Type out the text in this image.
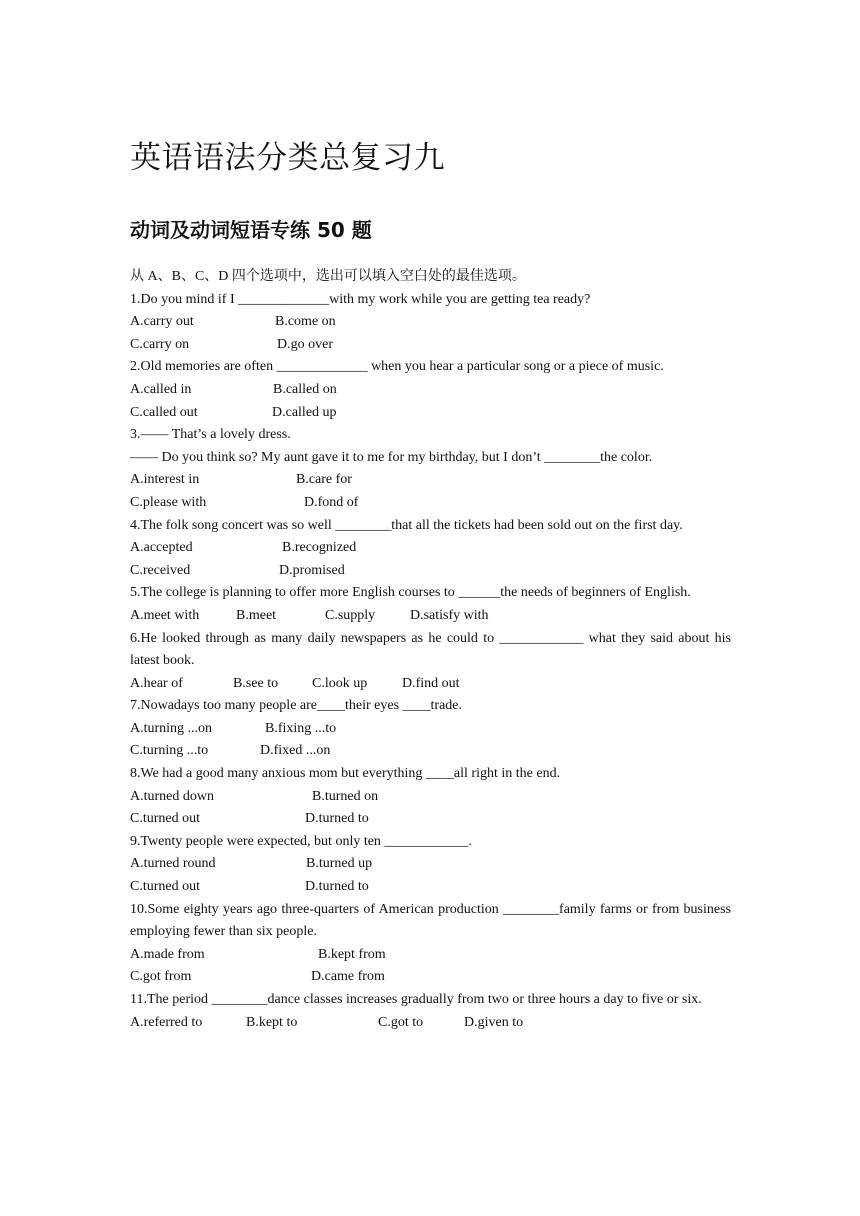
英语语法分类总复习九
动词及动词短语专练 50 题
从 A、B、C、D 四个选项中，选出可以填入空白处的最佳选项。
1.Do you mind if I _____________with my work while you are getting tea ready?
A.carry out	B.come on
C.carry on	D.go over
2.Old memories are often _____________ when you hear a particular song or a piece of music.
A.called in	B.called on
C.called out	D.called up
3.—— That’s a lovely dress.
—— Do you think so? My aunt gave it to me for my birthday, but I don’t ________the color.
A.interest in	B.care for
C.please with	D.fond of
4.The folk song concert was so well ________that all the tickets had been sold out on the first day.
A.accepted	B.recognized
C.received	D.promised
5.The college is planning to offer more English courses to ______the needs of beginners of English.
A.meet with	B.meet	C.supply D.satisfy with
6.He looked through as many daily newspapers as he could to ____________ what they said about his latest book.
A.hear of	B.see to C.look up D.find out
7.Nowadays too many people are____their eyes ____trade.
A.turning ...on	B.fixing ...to
C.turning ...to	D.fixed ...on
8.We had a good many anxious mom but everything ____all right in the end.
A.turned down	B.turned on
C.turned out	D.turned to
9.Twenty people were expected, but only ten ____________.
A.turned round	B.turned up
C.turned out	D.turned to
10.Some eighty years ago three-quarters of American production ________family farms or from business employing fewer than six people.
A.made from	B.kept from
C.got from	D.came from
11.The period ________dance classes increases gradually from two or three hours a day to five or six.
A.referred to	B.kept to	C.got to	D.given to
